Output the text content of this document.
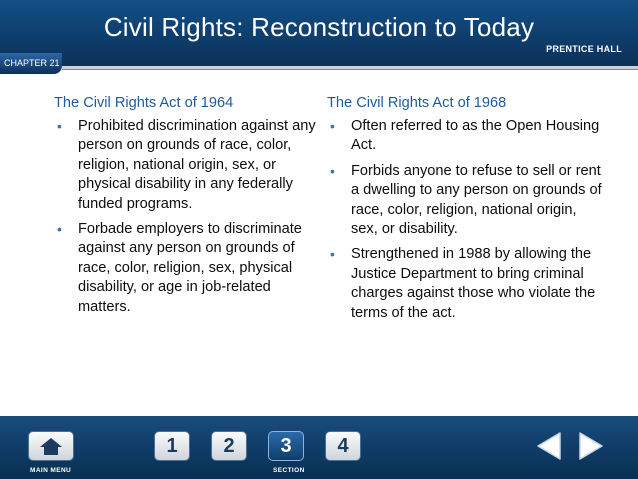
Civil Rights: Reconstruction to Today
PRENTICE HALL
CHAPTER 21
The Civil Rights Act of 1964
• Prohibited discrimination against any person on grounds of race, color, religion, national origin, sex, or physical disability in any federally funded programs.
• Forbade employers to discriminate against any person on grounds of race, color, religion, sex, physical disability, or age in job-related matters.
The Civil Rights Act of 1968
• Often referred to as the Open Housing Act.
• Forbids anyone to refuse to sell or rent a dwelling to any person on grounds of race, color, religion, national origin, sex, or disability.
• Strengthened in 1988 by allowing the Justice Department to bring criminal charges against those who violate the terms of the act.
MAIN MENU
1	2	3	4
SECTION
